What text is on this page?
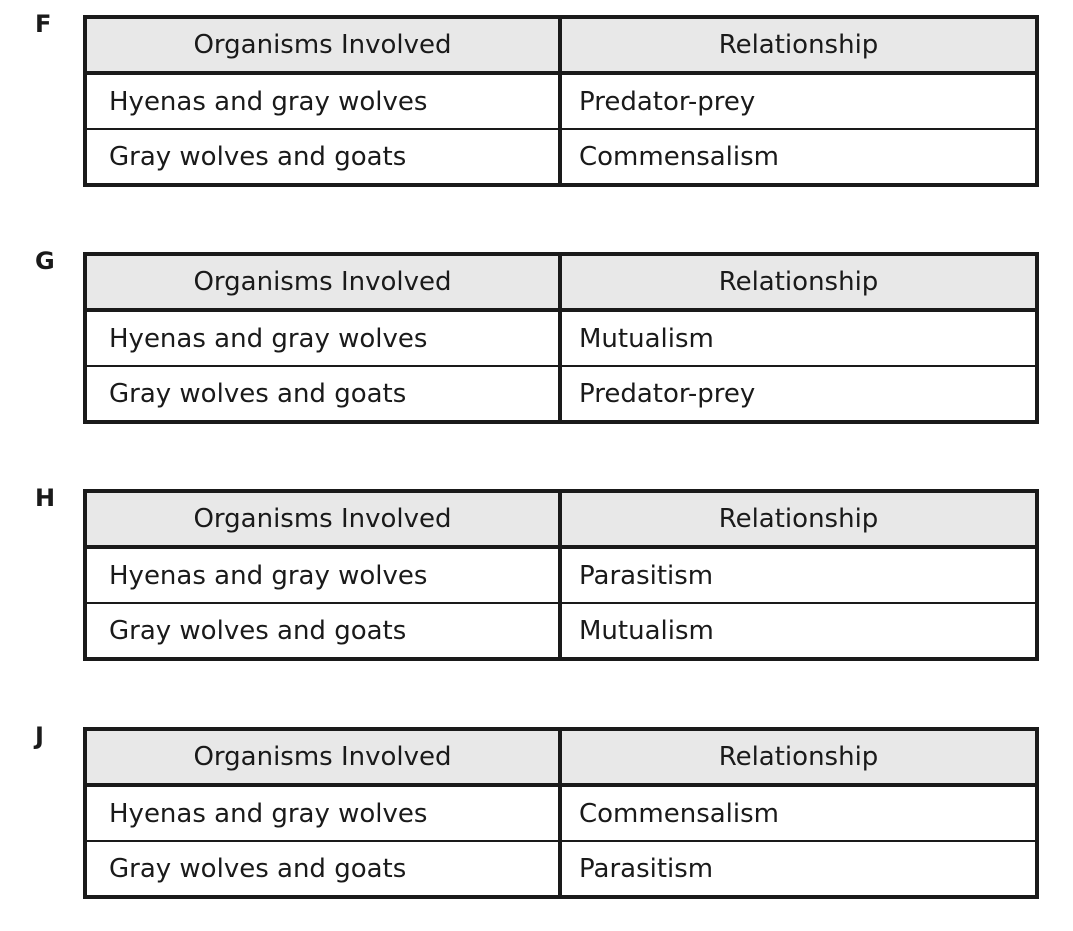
F
Organisms Involved	Relationship
Hyenas and gray wolves	Predator-prey
Gray wolves and goats	Commensalism
G
Organisms Involved	Relationship
Hyenas and gray wolves	Mutualism
Gray wolves and goats	Predator-prey
H
Organisms Involved	Relationship
Hyenas and gray wolves	Parasitism
Gray wolves and goats	Mutualism
J
Organisms Involved	Relationship
Hyenas and gray wolves	Commensalism
Gray wolves and goats	Parasitism
